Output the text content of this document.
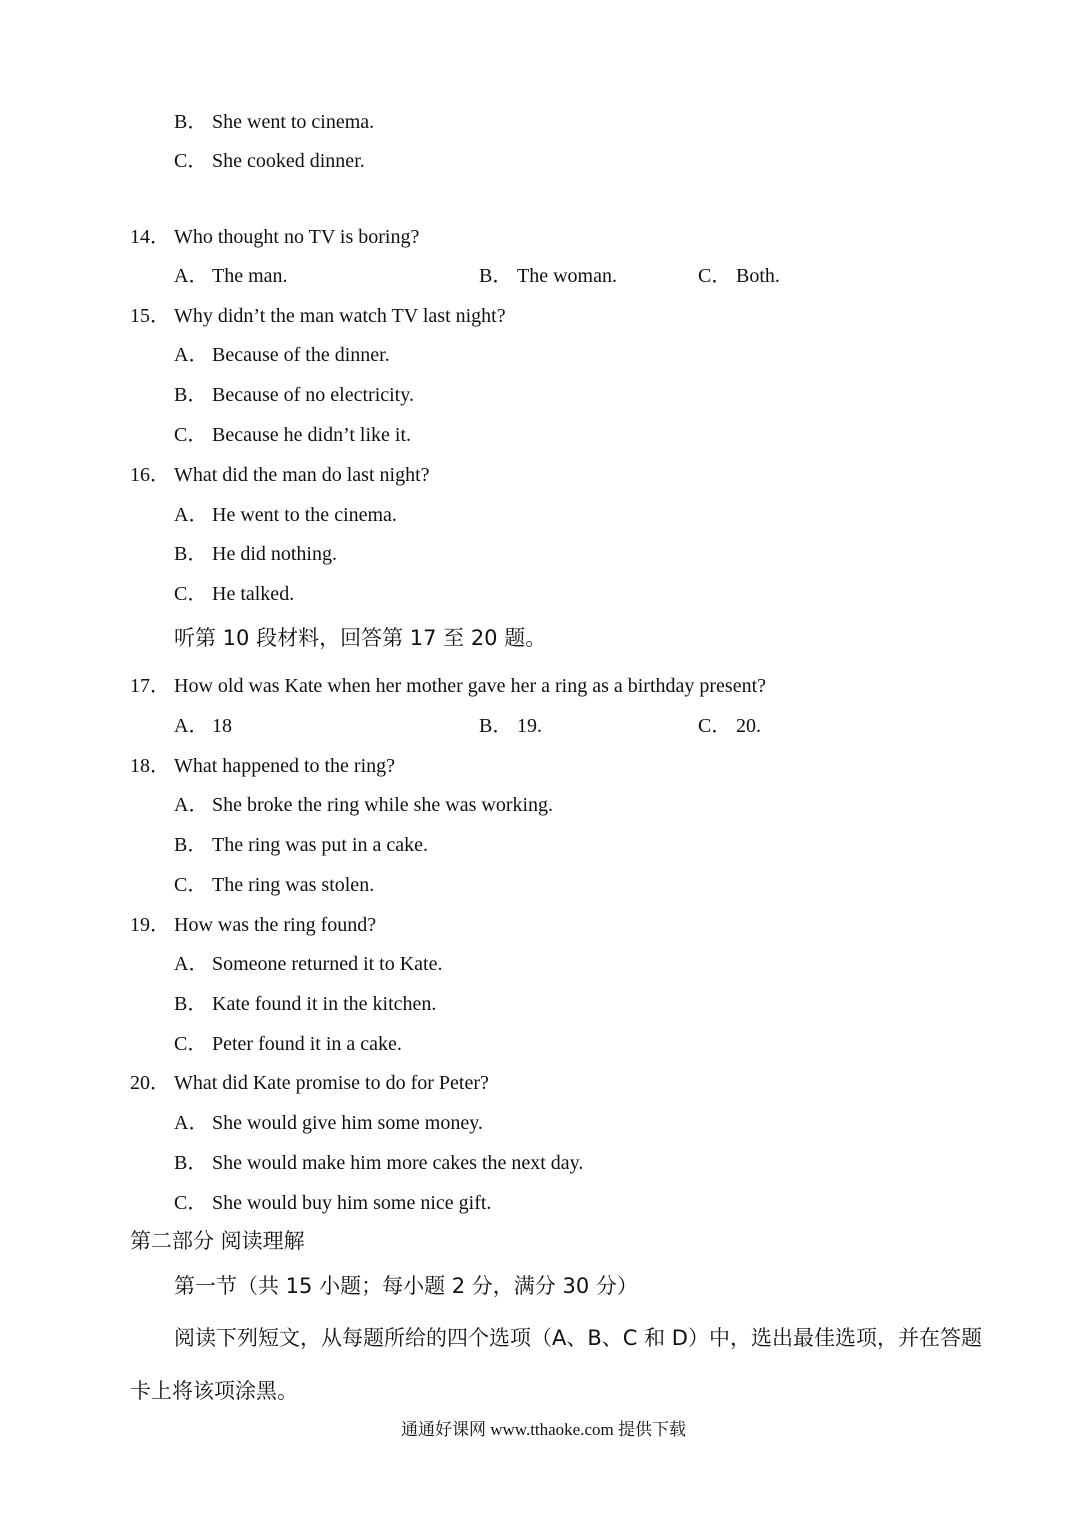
B． She went to cinema.
C． She cooked dinner.
14． Who thought no TV is boring?
A． The man.	B． The woman.	C． Both.
15． Why didn’t the man watch TV last night?
A． Because of the dinner.
B． Because of no electricity.
C． Because he didn’t like it.
16． What did the man do last night?
A． He went to the cinema.
B． He did nothing.
C． He talked.
听第 10 段材料，回答第 17 至 20 题。
17． How old was Kate when her mother gave her a ring as a birthday present?
A． 18	B． 19.	C． 20.
18． What happened to the ring?
A． She broke the ring while she was working.
B． The ring was put in a cake.
C． The ring was stolen.
19． How was the ring found?
A． Someone returned it to Kate.
B． Kate found it in the kitchen.
C． Peter found it in a cake.
20． What did Kate promise to do for Peter?
A． She would give him some money.
B． She would make him more cakes the next day.
C． She would buy him some nice gift.
第二部分 阅读理解
第一节（共 15 小题；每小题 2 分，满分 30 分）
阅读下列短文，从每题所给的四个选项（A、B、C 和 D）中，选出最佳选项，并在答题
卡上将该项涂黑。
通通好课网 www.tthaoke.com 提供下载
